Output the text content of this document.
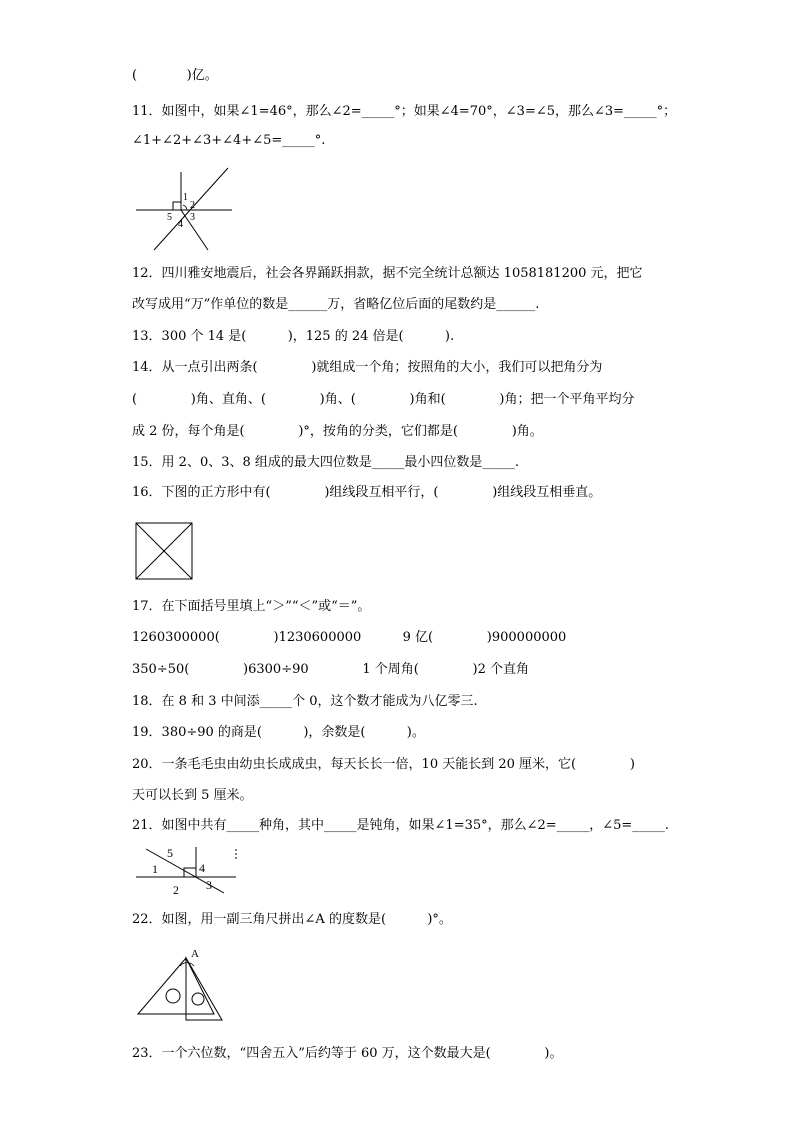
(            )亿。
11．如图中，如果∠1=46°，那么∠2=_____°；如果∠4=70°，∠3=∠5，那么∠3=_____°；
∠1+∠2+∠3+∠4+∠5=_____°.
1
2
3
4
5
12．四川雅安地震后，社会各界踊跃捐款，据不完全统计总额达 1058181200 元，把它
改写成用“万”作单位的数是______万，省略亿位后面的尾数约是______.
13．300 个 14 是(          )，125 的 24 倍是(          ).
14．从一点引出两条(             )就组成一个角；按照角的大小，我们可以把角分为
(             )角、直角、(             )角、(             )角和(             )角；把一个平角平均分
成 2 份，每个角是(             )°，按角的分类，它们都是(             )角。
15．用 2、0、3、8 组成的最大四位数是_____最小四位数是_____.
16．下图的正方形中有(             )组线段互相平行，(             )组线段互相垂直。
17．在下面括号里填上“＞”“＜”或“＝”。
1260300000(             )1230600000          9 亿(             )900000000
350÷50(             )6300÷90             1 个周角(             )2 个直角
18．在 8 和 3 中间添_____个 0，这个数才能成为八亿零三.
19．380÷90 的商是(          )，余数是(          )。
20．一条毛毛虫由幼虫长成成虫，每天长长一倍，10 天能长到 20 厘米，它(             )
天可以长到 5 厘米。
21．如图中共有_____种角，其中_____是钝角，如果∠1=35°，那么∠2=_____，∠5=_____.
5
4
1
2 3
22．如图，用一副三角尺拼出∠A 的度数是(          )°。
A
23．一个六位数，“四舍五入”后约等于 60 万，这个数最大是(             )。
